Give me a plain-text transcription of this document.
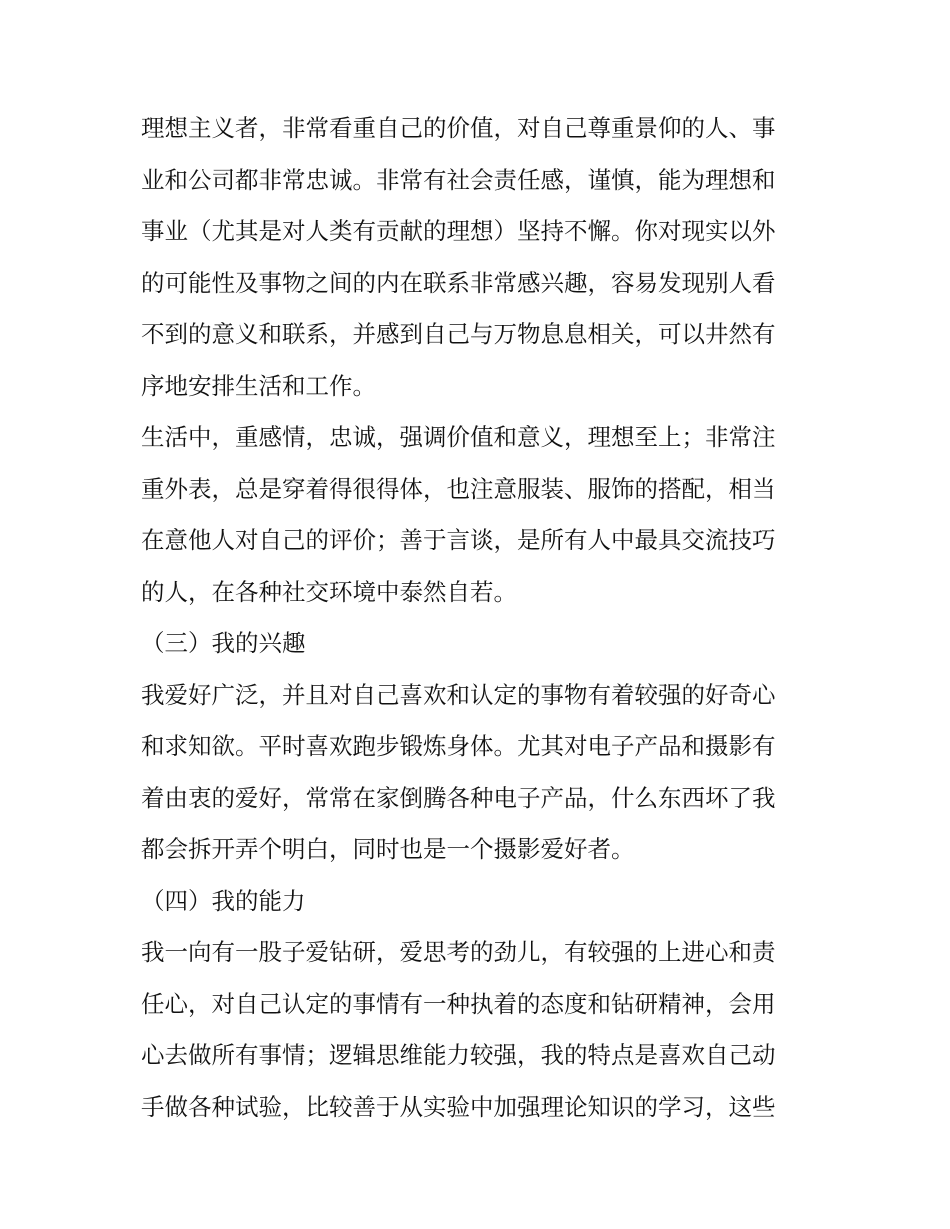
理想主义者，非常看重自己的价值，对自己尊重景仰的人、事
业和公司都非常忠诚。非常有社会责任感，谨慎，能为理想和
事业（尤其是对人类有贡献的理想）坚持不懈。你对现实以外
的可能性及事物之间的内在联系非常感兴趣，容易发现别人看
不到的意义和联系，并感到自己与万物息息相关，可以井然有
序地安排生活和工作。
生活中，重感情，忠诚，强调价值和意义，理想至上；非常注
重外表，总是穿着得很得体，也注意服装、服饰的搭配，相当
在意他人对自己的评价；善于言谈，是所有人中最具交流技巧
的人，在各种社交环境中泰然自若。
（三）我的兴趣
我爱好广泛，并且对自己喜欢和认定的事物有着较强的好奇心
和求知欲。平时喜欢跑步锻炼身体。尤其对电子产品和摄影有
着由衷的爱好，常常在家倒腾各种电子产品，什么东西坏了我
都会拆开弄个明白，同时也是一个摄影爱好者。
（四）我的能力
我一向有一股子爱钻研，爱思考的劲儿，有较强的上进心和责
任心，对自己认定的事情有一种执着的态度和钻研精神，会用
心去做所有事情；逻辑思维能力较强，我的特点是喜欢自己动
手做各种试验，比较善于从实验中加强理论知识的学习，这些
